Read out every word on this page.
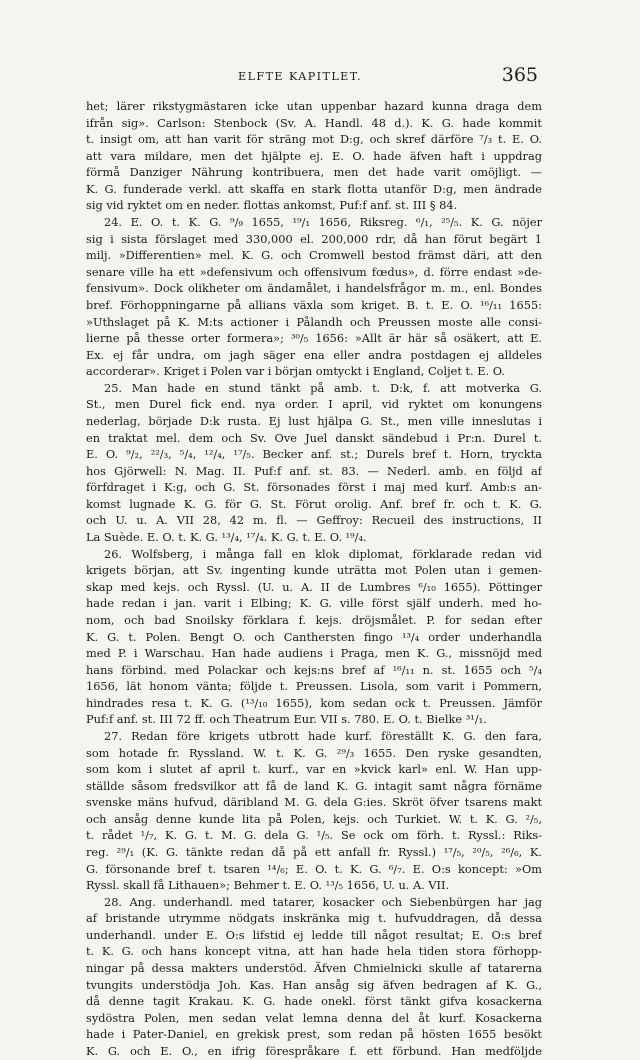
ELFTE KAPITLET.	365
het; lärer rikstygmästaren icke utan uppenbar hazard kunna draga dem
ifrån sig». Carlson: Stenbock (Sv. A. Handl. 48 d.). K. G. hade kommit
t. insigt om, att han varit för sträng mot D:g, och skref därföre ⁷/₃ t. E. O.
att vara mildare, men det hjälpte ej. E. O. hade äfven haft i uppdrag
förmå Danziger Nährung kontribuera, men det hade varit omöjligt. —
K. G. funderade verkl. att skaffa en stark flotta utanför D:g, men ändrade
sig vid ryktet om en neder. flottas ankomst, Puf:f anf. st. III § 84.
24. E. O. t. K. G. ⁹/₉ 1655, ¹⁹/₁ 1656, Riksreg. ⁶/₁, ²⁵/₅. K. G. nöjer
sig i sista förslaget med 330,000 el. 200,000 rdr, då han förut begärt 1
milj. »Differentien» mel. K. G. och Cromwell bestod främst däri, att den
senare ville ha ett »defensivum och offensivum fœdus», d. förre endast »de-
fensivum». Dock olikheter om ändamålet, i handelsfrågor m. m., enl. Bondes
bref. Förhoppningarne på allians växla som kriget. B. t. E. O. ¹⁶/₁₁ 1655:
»Uthslaget på K. M:ts actioner i Pålandh och Preussen moste alle consi-
lierne på thesse orter formera»; ³⁰/₅ 1656: »Allt är här så osäkert, att E.
Ex. ej får undra, om jagh säger ena eller andra postdagen ej alldeles
accorderar». Kriget i Polen var i början omtyckt i England, Coljet t. E. O.
25. Man hade en stund tänkt på amb. t. D:k, f. att motverka G.
St., men Durel fick end. nya order. I april, vid ryktet om konungens
nederlag, började D:k rusta. Ej lust hjälpa G. St., men ville inneslutas i
en traktat mel. dem och Sv. Ove Juel danskt sändebud i Pr:n. Durel t.
E. O. ⁹/₂, ²²/₃, ⁵/₄, ¹²/₄, ¹⁷/₅. Becker anf. st.; Durels bref t. Horn, tryckta
hos Gjörwell: N. Mag. II. Puf:f anf. st. 83. — Nederl. amb. en följd af
förfdraget i K:g, och G. St. försonades först i maj med kurf. Amb:s an-
komst lugnade K. G. för G. St. Förut orolig. Anf. bref fr. och t. K. G.
och U. u. A. VII 28, 42 m. fl. — Geffroy: Recueil des instructions, II
La Suède. E. O. t. K. G. ¹³/₄, ¹⁷/₄. K. G. t. E. O. ¹⁹/₄.
26. Wolfsberg, i många fall en klok diplomat, förklarade redan vid
krigets början, att Sv. ingenting kunde uträtta mot Polen utan i gemen-
skap med kejs. och Ryssl. (U. u. A. II de Lumbres ⁶/₁₀ 1655). Pöttinger
hade redan i jan. varit i Elbing; K. G. ville först själf underh. med ho-
nom, och bad Snoilsky förklara f. kejs. dröjsmålet. P. for sedan efter
K. G. t. Polen. Bengt O. och Canthersten fingo ¹³/₄ order underhandla
med P. i Warschau. Han hade audiens i Praga, men K. G., missnöjd med
hans förbind. med Polackar och kejs:ns bref af ¹⁶/₁₁ n. st. 1655 och ⁵/₄
1656, lät honom vänta; följde t. Preussen. Lisola, som varit i Pommern,
hindrades resa t. K. G. (¹³/₁₀ 1655), kom sedan ock t. Preussen. Jämför
Puf:f anf. st. III 72 ff. och Theatrum Eur. VII s. 780. E. O. t. Bielke ³¹/₁.
27. Redan före krigets utbrott hade kurf. föreställt K. G. den fara,
som hotade fr. Ryssland. W. t. K. G. ²⁹/₃ 1655. Den ryske gesandten,
som kom i slutet af april t. kurf., var en »kvick karl» enl. W. Han upp-
ställde såsom fredsvilkor att få de land K. G. intagit samt några förnäme
svenske mäns hufvud, däribland M. G. dela G:ies. Skröt öfver tsarens makt
och ansåg denne kunde lita på Polen, kejs. och Turkiet. W. t. K. G. ²/₅,
t. rådet ¹/₇, K. G. t. M. G. dela G. ¹/₅. Se ock om förh. t. Ryssl.: Riks-
reg. ²⁹/₁ (K. G. tänkte redan då på ett anfall fr. Ryssl.) ¹⁷/₅, ²⁰/₅, ²⁶/₆, K.
G. försonande bref t. tsaren ¹⁴/₆; E. O. t. K. G. ⁶/₇. E. O:s koncept: »Om
Ryssl. skall få Lithauen»; Behmer t. E. O. ¹³/₅ 1656, U. u. A. VII.
28. Ang. underhandl. med tatarer, kosacker och Siebenbürgen har jag
af bristande utrymme nödgats inskränka mig t. hufvuddragen, då dessa
underhandl. under E. O:s lifstid ej ledde till något resultat; E. O:s bref
t. K. G. och hans koncept vitna, att han hade hela tiden stora förhopp-
ningar på dessa makters understöd. Äfven Chmielnicki skulle af tatarerna
tvungits understödja Joh. Kas. Han ansåg sig äfven bedragen af K. G.,
då denne tagit Krakau. K. G. hade onekl. först tänkt gifva kosackerna
sydöstra Polen, men sedan velat lemna denna del åt kurf. Kosackerna
hade i Pater-Daniel, en grekisk prest, som redan på hösten 1655 besökt
K. G. och E. O., en ifrig förespråkare f. ett förbund. Han medföljde
